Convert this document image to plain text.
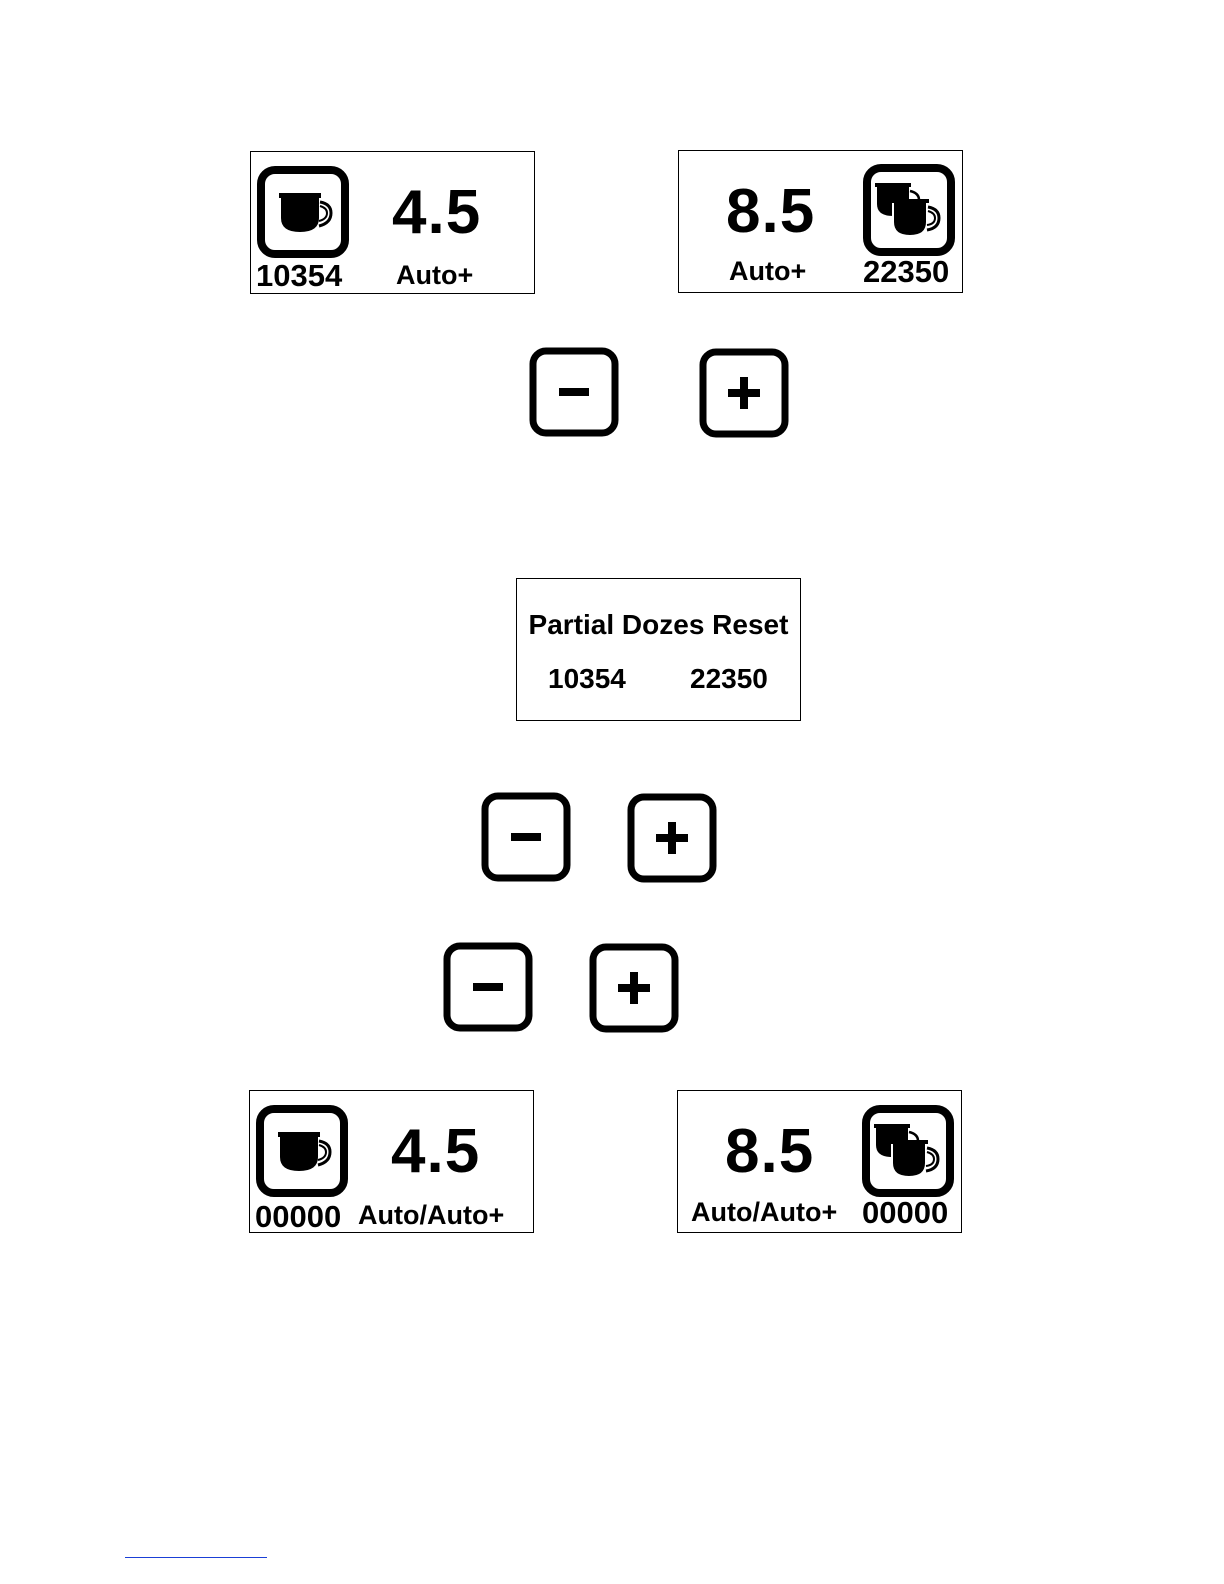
4.5
10354 Auto+
8.5
Auto+ 22350
Partial Dozes Reset
10354 22350
4.5
00000 Auto/Auto+
8.5
Auto/Auto+ 00000
